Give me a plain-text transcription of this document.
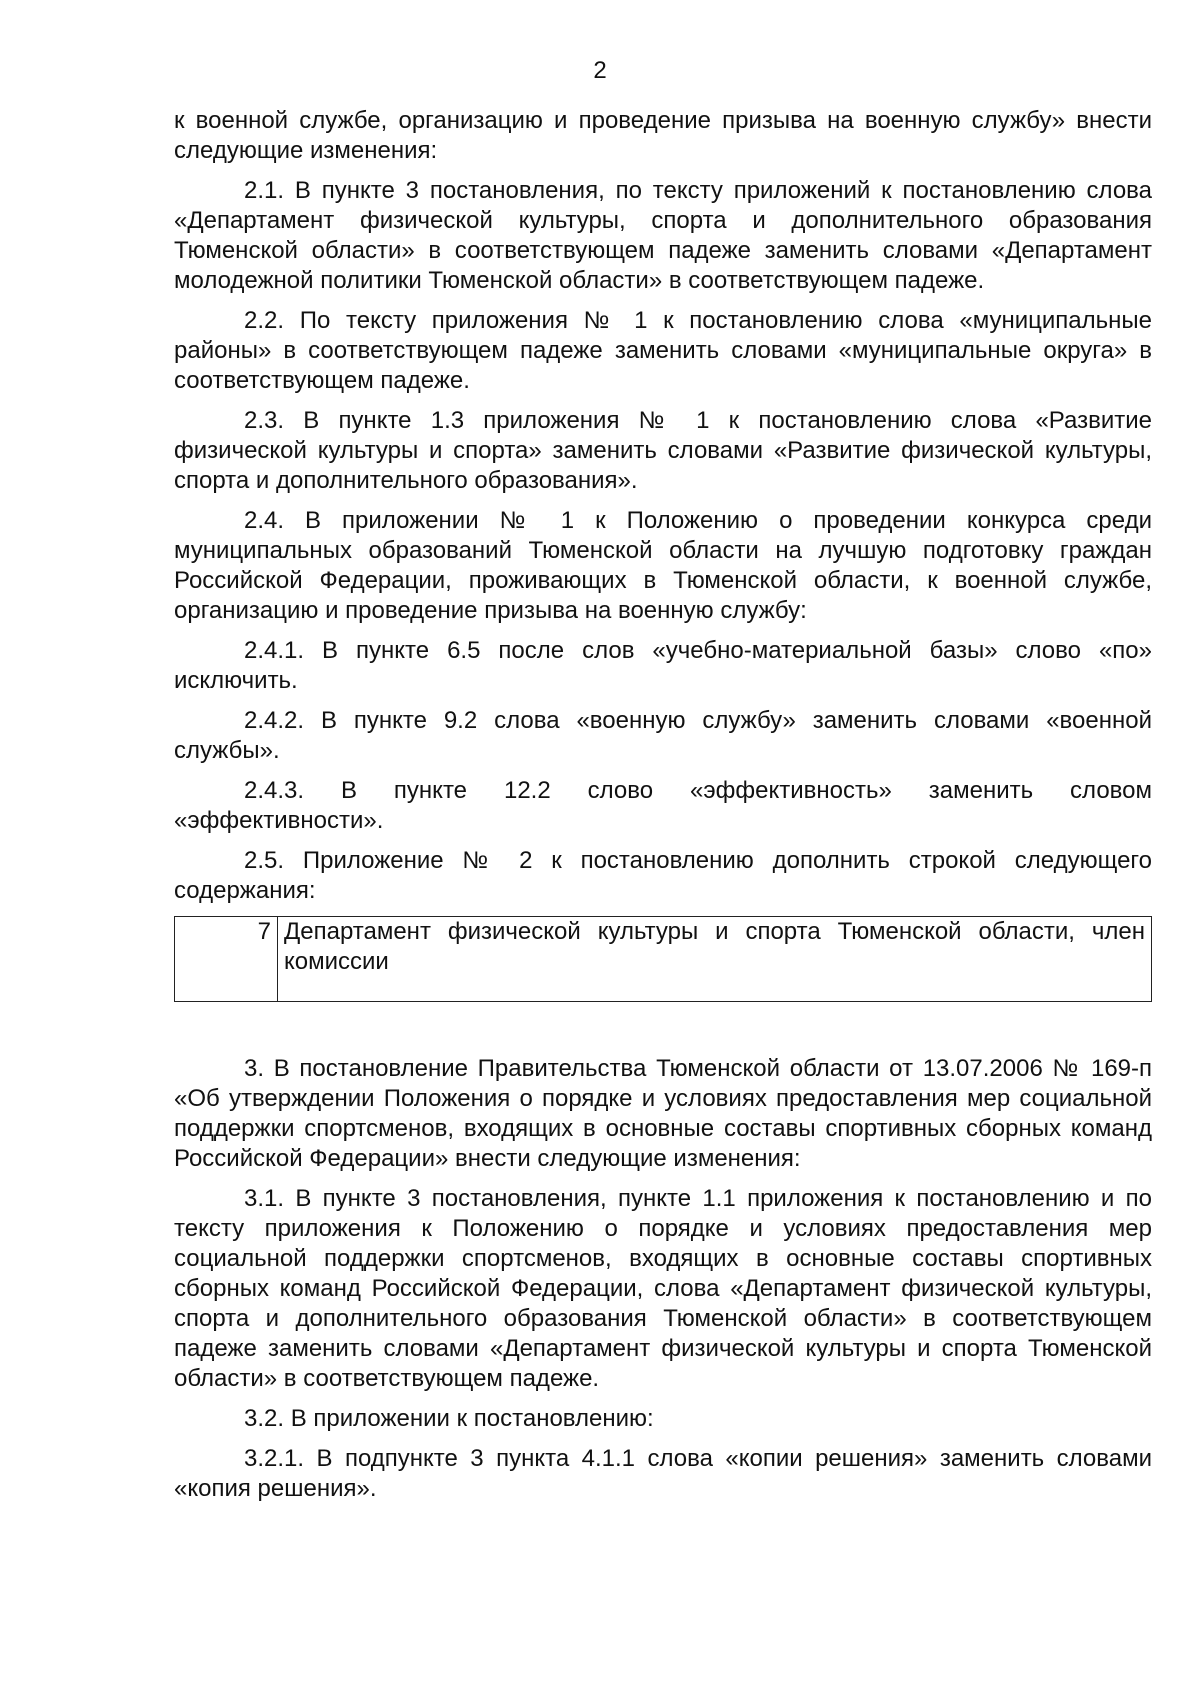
2

к военной службе, организацию и проведение призыва на военную службу» внести следующие изменения:

2.1. В пункте 3 постановления, по тексту приложений к постановлению слова «Департамент физической культуры, спорта и дополнительного образования Тюменской области» в соответствующем падеже заменить словами «Департамент молодежной политики Тюменской области» в соответствующем падеже.

2.2. По тексту приложения № 1 к постановлению слова «муниципальные районы» в соответствующем падеже заменить словами «муниципальные округа» в соответствующем падеже.

2.3. В пункте 1.3 приложения № 1 к постановлению слова «Развитие физической культуры и спорта» заменить словами «Развитие физической культуры, спорта и дополнительного образования».

2.4. В приложении № 1 к Положению о проведении конкурса среди муниципальных образований Тюменской области на лучшую подготовку граждан Российской Федерации, проживающих в Тюменской области, к военной службе, организацию и проведение призыва на военную службу:

2.4.1. В пункте 6.5 после слов «учебно-материальной базы» слово «по» исключить.

2.4.2. В пункте 9.2 слова «военную службу» заменить словами «военной службы».

2.4.3. В пункте 12.2 слово «эффективность» заменить словом «эффективности».

2.5. Приложение № 2 к постановлению дополнить строкой следующего содержания:

7	Департамент физической культуры и спорта Тюменской области, член комиссии

3. В постановление Правительства Тюменской области от 13.07.2006 № 169-п «Об утверждении Положения о порядке и условиях предоставления мер социальной поддержки спортсменов, входящих в основные составы спортивных сборных команд Российской Федерации» внести следующие изменения:

3.1. В пункте 3 постановления, пункте 1.1 приложения к постановлению и по тексту приложения к Положению о порядке и условиях предоставления мер социальной поддержки спортсменов, входящих в основные составы спортивных сборных команд Российской Федерации, слова «Департамент физической культуры, спорта и дополнительного образования Тюменской области» в соответствующем падеже заменить словами «Департамент физической культуры и спорта Тюменской области» в соответствующем падеже.

3.2. В приложении к постановлению:

3.2.1. В подпункте 3 пункта 4.1.1 слова «копии решения» заменить словами «копия решения».
